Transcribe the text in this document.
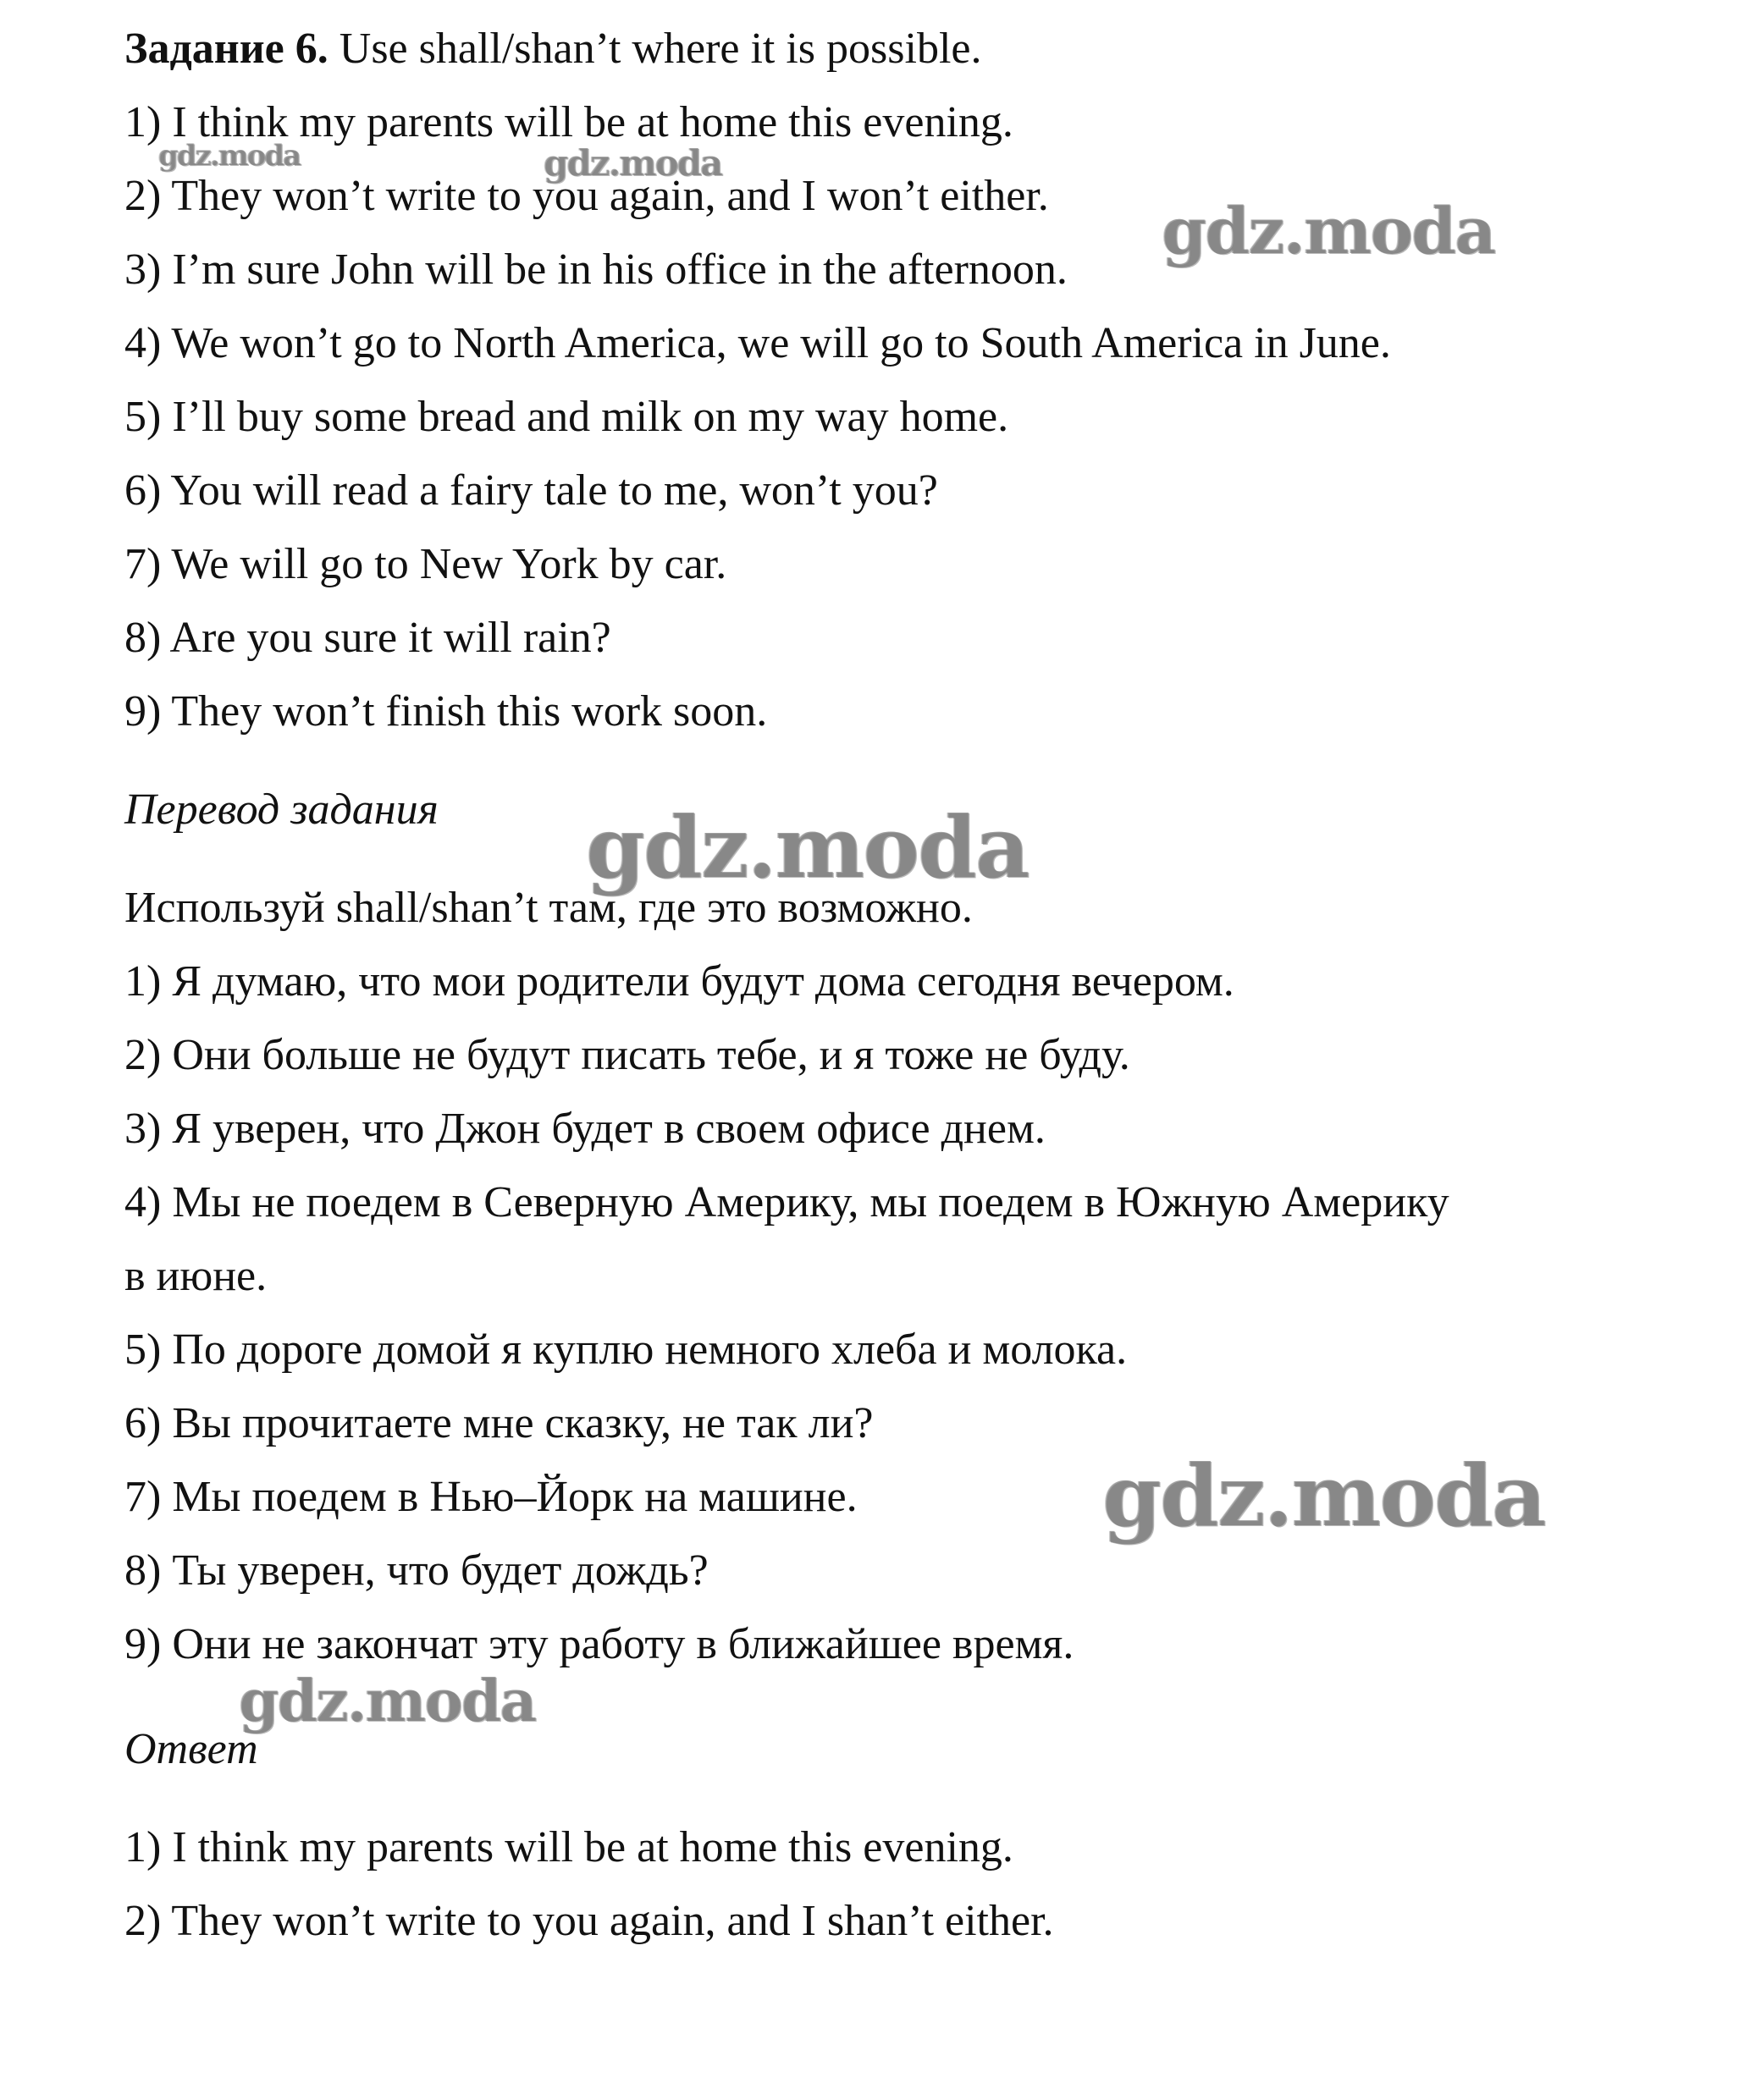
Задание 6. Use shall/shan’t where it is possible.
1) I think my parents will be at home this evening.
2) They won’t write to you again, and I won’t either.
3) I’m sure John will be in his office in the afternoon.
4) We won’t go to North America, we will go to South America in June.
5) I’ll buy some bread and milk on my way home.
6) You will read a fairy tale to me, won’t you?
7) We will go to New York by car.
8) Are you sure it will rain?
9) They won’t finish this work soon.
Перевод задания
Используй shall/shan’t там, где это возможно.
1) Я думаю, что мои родители будут дома сегодня вечером.
2) Они больше не будут писать тебе, и я тоже не буду.
3) Я уверен, что Джон будет в своем офисе днем.
4) Мы не поедем в Северную Америку, мы поедем в Южную Америку
в июне.
5) По дороге домой я куплю немного хлеба и молока.
6) Вы прочитаете мне сказку, не так ли?
7) Мы поедем в Нью–Йорк на машине.
8) Ты уверен, что будет дождь?
9) Они не закончат эту работу в ближайшее время.
Ответ
1) I think my parents will be at home this evening.
2) They won’t write to you again, and I shan’t either.
gdz.moda	gdz.moda
gdz.moda
gdz.moda
gdz.moda
gdz.moda
